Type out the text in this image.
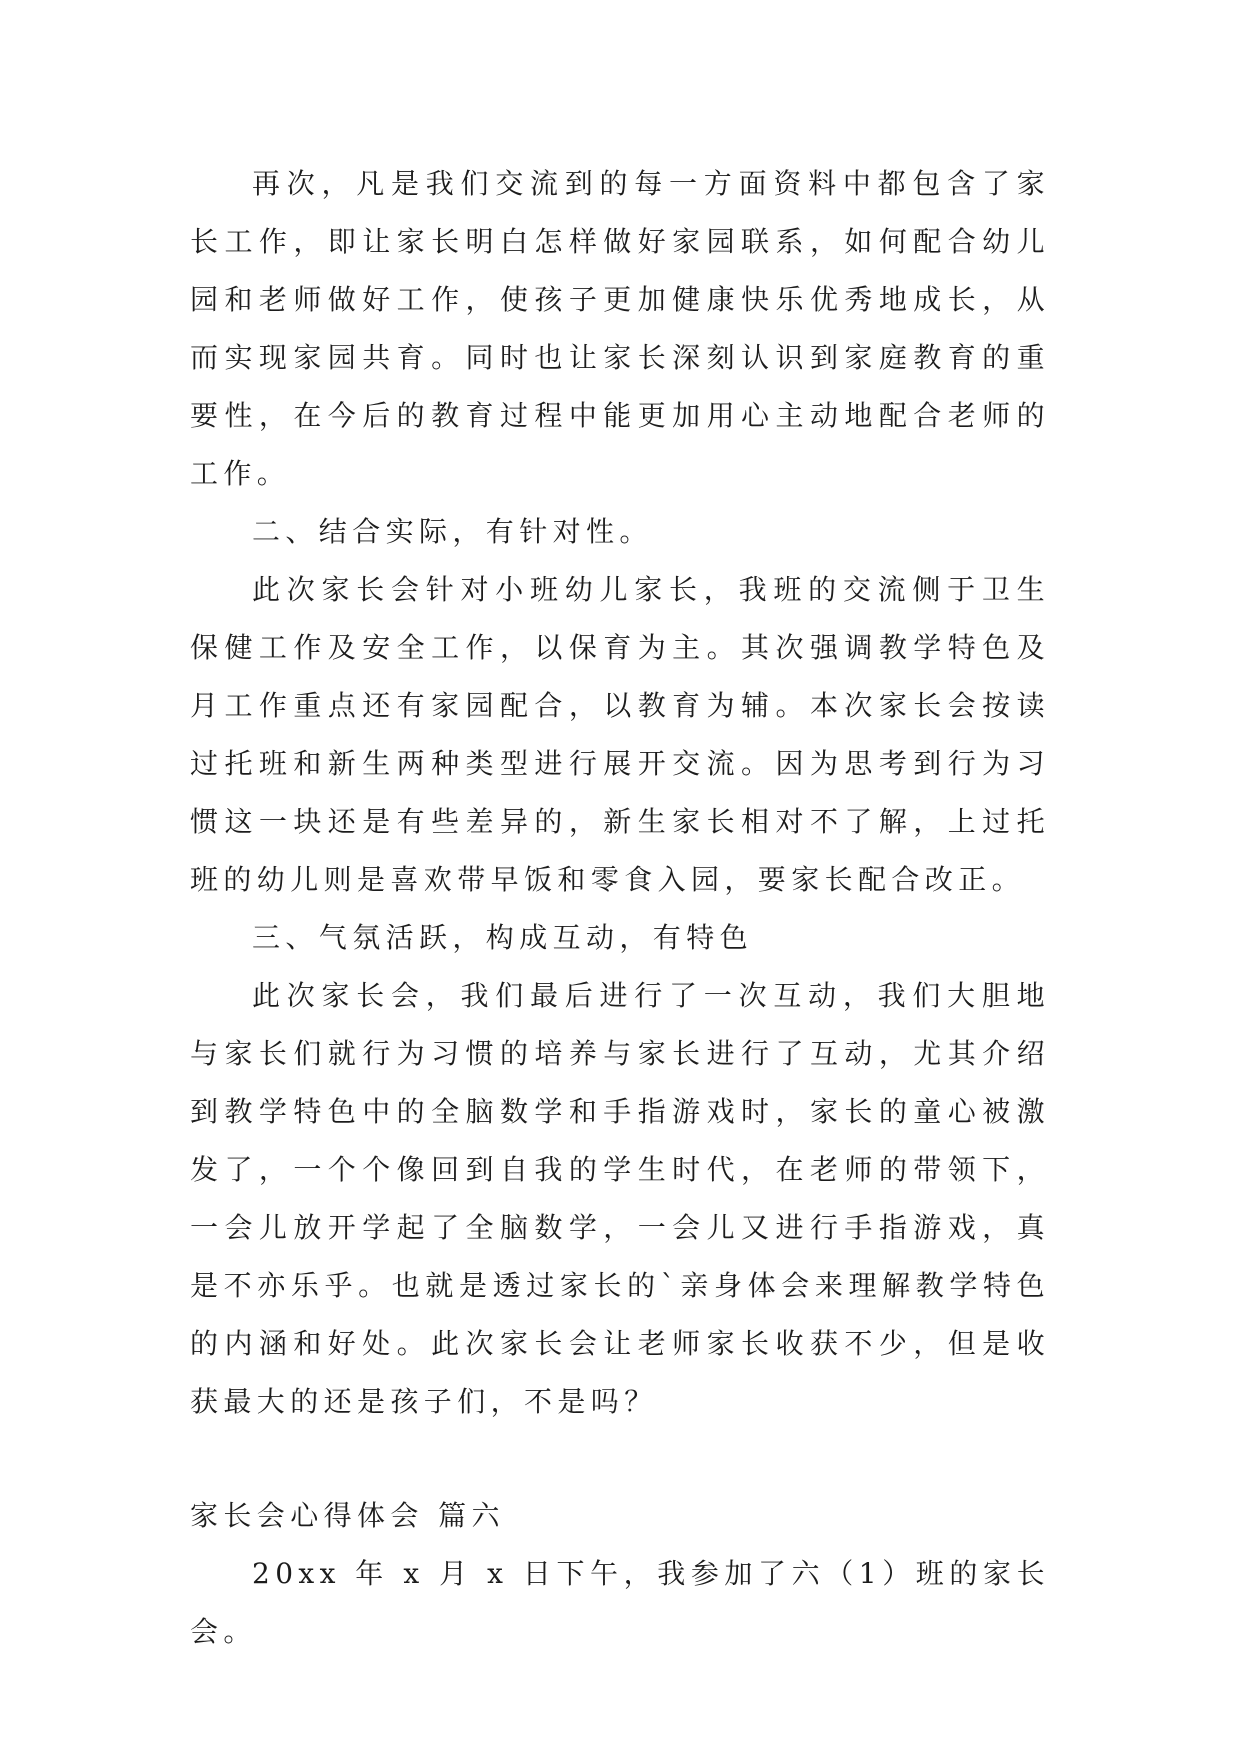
再次，凡是我们交流到的每一方面资料中都包含了家长工作，即让家长明白怎样做好家园联系，如何配合幼儿园和老师做好工作，使孩子更加健康快乐优秀地成长，从而实现家园共育。同时也让家长深刻认识到家庭教育的重要性，在今后的教育过程中能更加用心主动地配合老师的工作。

二、结合实际，有针对性。

此次家长会针对小班幼儿家长，我班的交流侧于卫生保健工作及安全工作，以保育为主。其次强调教学特色及月工作重点还有家园配合，以教育为辅。本次家长会按读过托班和新生两种类型进行展开交流。因为思考到行为习惯这一块还是有些差异的，新生家长相对不了解，上过托班的幼儿则是喜欢带早饭和零食入园，要家长配合改正。

三、气氛活跃，构成互动，有特色

此次家长会，我们最后进行了一次互动，我们大胆地与家长们就行为习惯的培养与家长进行了互动，尤其介绍到教学特色中的全脑数学和手指游戏时，家长的童心被激发了，一个个像回到自我的学生时代，在老师的带领下，一会儿放开学起了全脑数学，一会儿又进行手指游戏，真是不亦乐乎。也就是透过家长的`亲身体会来理解教学特色的内涵和好处。此次家长会让老师家长收获不少，但是收获最大的还是孩子们，不是吗？

家长会心得体会 篇六

20xx 年 x 月 x 日下午，我参加了六（1）班的家长会。
